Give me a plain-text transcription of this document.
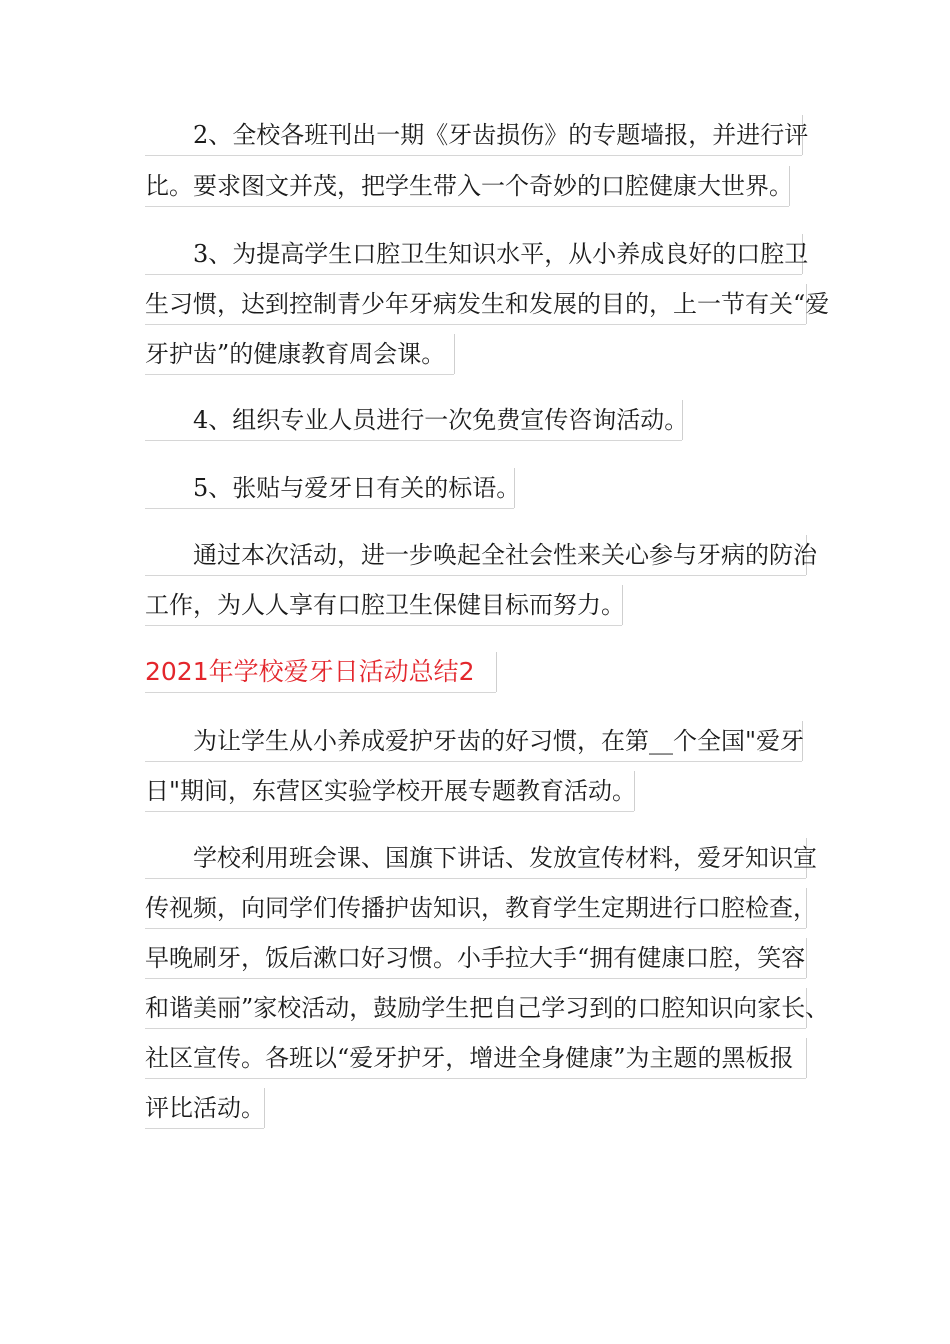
2、全校各班刊出一期《牙齿损伤》的专题墙报，并进行评
比。要求图文并茂，把学生带入一个奇妙的口腔健康大世界。
3、为提高学生口腔卫生知识水平，从小养成良好的口腔卫
生习惯，达到控制青少年牙病发生和发展的目的，上一节有关“爱
牙护齿”的健康教育周会课。
4、组织专业人员进行一次免费宣传咨询活动。
5、张贴与爱牙日有关的标语。
通过本次活动，进一步唤起全社会性来关心参与牙病的防治
工作，为人人享有口腔卫生保健目标而努力。
2021年学校爱牙日活动总结2
为让学生从小养成爱护牙齿的好习惯，在第__个全国"爱牙
日"期间，东营区实验学校开展专题教育活动。
学校利用班会课、国旗下讲话、发放宣传材料，爱牙知识宣
传视频，向同学们传播护齿知识，教育学生定期进行口腔检查，
早晚刷牙，饭后漱口好习惯。小手拉大手“拥有健康口腔，笑容
和谐美丽”家校活动，鼓励学生把自己学习到的口腔知识向家长、
社区宣传。各班以“爱牙护牙，增进全身健康”为主题的黑板报
评比活动。
